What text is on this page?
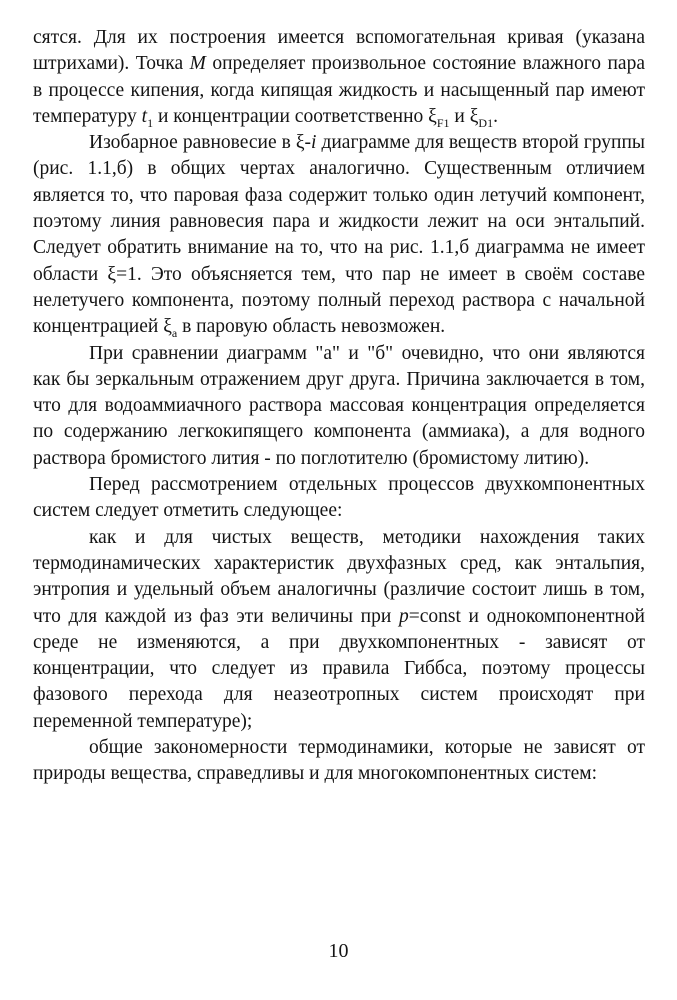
сятся. Для их построения имеется вспомогательная кривая (указана штрихами). Точка M определяет произвольное состояние влажного пара в процессе кипения, когда кипящая жидкость и насыщенный пар имеют температуру $t_1$ и концентрации соответственно $\xi_{F1}$ и $\xi_{D1}$.

Изобарное равновесие в ξ-i диаграмме для веществ второй группы (рис. 1.1,б) в общих чертах аналогично. Существенным отличием является то, что паровая фаза содержит только один летучий компонент, поэтому линия равновесия пара и жидкости лежит на оси энтальпий. Следует обратить внимание на то, что на рис. 1.1,б диаграмма не имеет области ξ=1. Это объясняется тем, что пар не имеет в своём составе нелетучего компонента, поэтому полный переход раствора с начальной концентрацией $\xi_a$ в паровую область невозможен.

При сравнении диаграмм "а" и "б" очевидно, что они являются как бы зеркальным отражением друг друга. Причина заключается в том, что для водоаммиачного раствора массовая концентрация определяется по содержанию легкокипящего компонента (аммиака), а для водного раствора бромистого лития - по поглотителю (бромистому литию).

Перед рассмотрением отдельных процессов двухкомпонентных систем следует отметить следующее:

как и для чистых веществ, методики нахождения таких термодинамических характеристик двухфазных сред, как энтальпия, энтропия и удельный объем аналогичны (различие состоит лишь в том, что для каждой из фаз эти величины при p=const и однокомпонентной среде не изменяются, а при двухкомпонентных - зависят от концентрации, что следует из правила Гиббса, поэтому процессы фазового перехода для неазеотропных систем происходят при переменной температуре);

общие закономерности термодинамики, которые не зависят от природы вещества, справедливы и для многокомпонентных систем:

10
